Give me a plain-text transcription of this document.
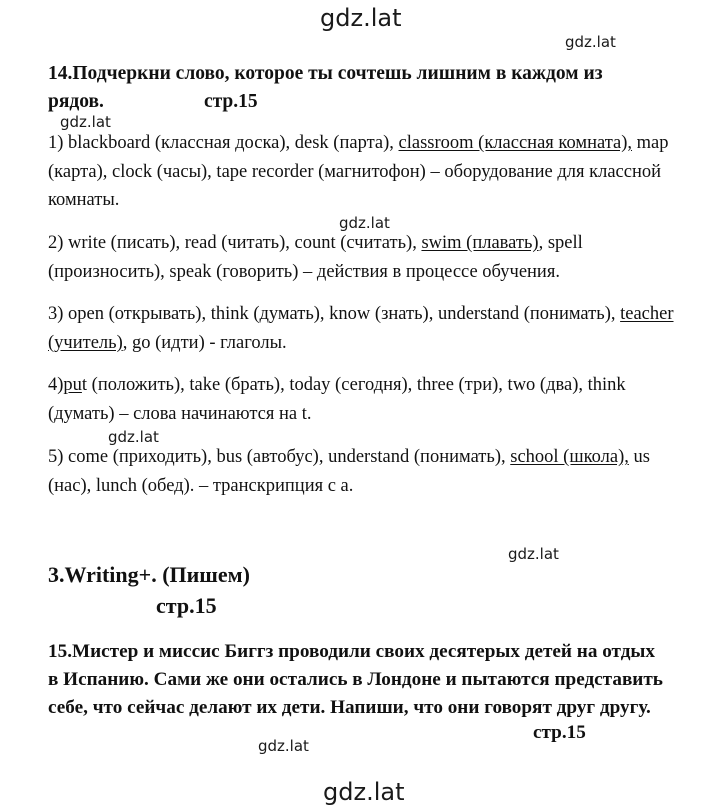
gdz.lat
gdz.lat
gdz.lat
gdz.lat
gdz.lat
gdz.lat
gdz.lat
gdz.lat
14.Подчеркни слово, которое ты сочтешь лишним в каждом из
рядов.	стр.15
1) blackboard (классная доска), desk (парта), classroom (классная комната), map (карта), clock (часы), tape recorder (магнитофон) – оборудование для классной комнаты.
2) write (писать), read (читать), count (считать), swim (плавать), spell (произносить), speak (говорить) – действия в процессе обучения.
3) open (открывать), think (думать), know (знать), understand (понимать), teacher (учитель), go (идти) - глаголы.
4)put (положить), take (брать), today (сегодня), three (три), two (два), think (думать) – слова начинаются на t.
5) come (приходить), bus (автобус), understand (понимать), school (школа), us (нас), lunch (обед). – транскрипция с а.
3.Writing+. (Пишем)
стр.15
15.Мистер и миссис Биггз проводили своих десятерых детей на отдых в Испанию. Сами же они остались в Лондоне и пытаются представить себе, что сейчас делают их дети. Напиши, что они говорят друг другу.
стр.15
